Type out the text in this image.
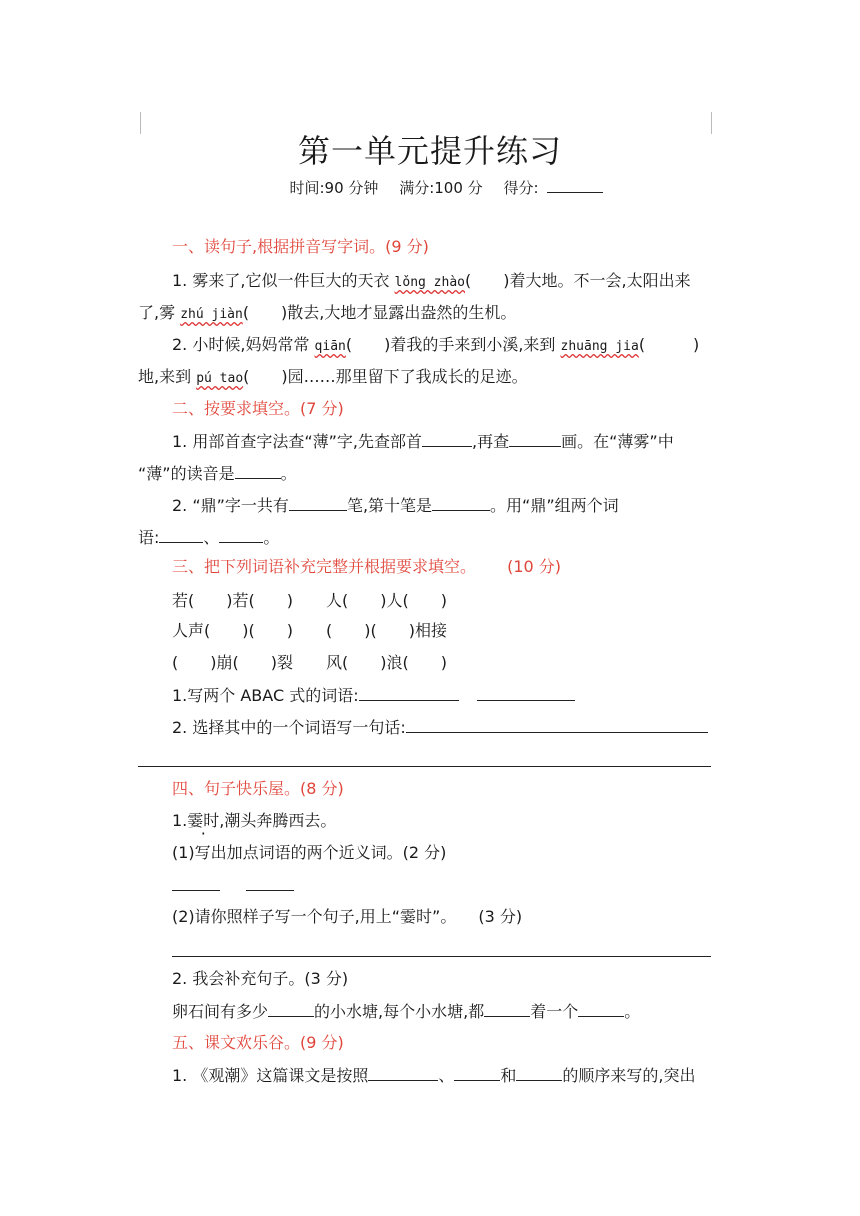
第一单元提升练习
时间:90 分钟 满分:100 分 得分:
一、读句子,根据拼音写字词。(9 分)
1. 雾来了,它似一件巨大的天衣 lǒng zhào(　　)着大地。不一会,太阳出来
了,雾 zhú jiàn(　　)散去,大地才显露出盎然的生机。
2. 小时候,妈妈常常 qiān(　　)着我的手来到小溪,来到 zhuāng jia(　　　)
地,来到 pú tao(　　)园……那里留下了我成长的足迹。
二、按要求填空。(7 分)
1. 用部首查字法查“薄”字,先查部首	,再查	画。在“薄雾”中
“薄”的读音是	。
2. “鼎”字一共有	笔,第十笔是	。用“鼎”组两个词
语:	、	。
三、把下列词语补充完整并根据要求填空。 (10 分)
若(　　)若(　　) 人(　　)人(　　)
人声(　　)(　　) (　　)(　　)相接
(　　)崩(　　)裂 风(　　)浪(　　)
1.写两个 ABAC 式的词语:
2. 选择其中的一个词语写一句话:
四、句子快乐屋。(8 分)
1.霎时,潮头奔腾西去。
(1)写出加点词语的两个近义词。(2 分)
(2)请你照样子写一个句子,用上“霎时”。 (3 分)
2. 我会补充句子。(3 分)
卵石间有多少	的小水塘,每个小水塘,都	着一个	。
五、课文欢乐谷。(9 分)
1. 《观潮》这篇课文是按照	、	和	的顺序来写的,突出
